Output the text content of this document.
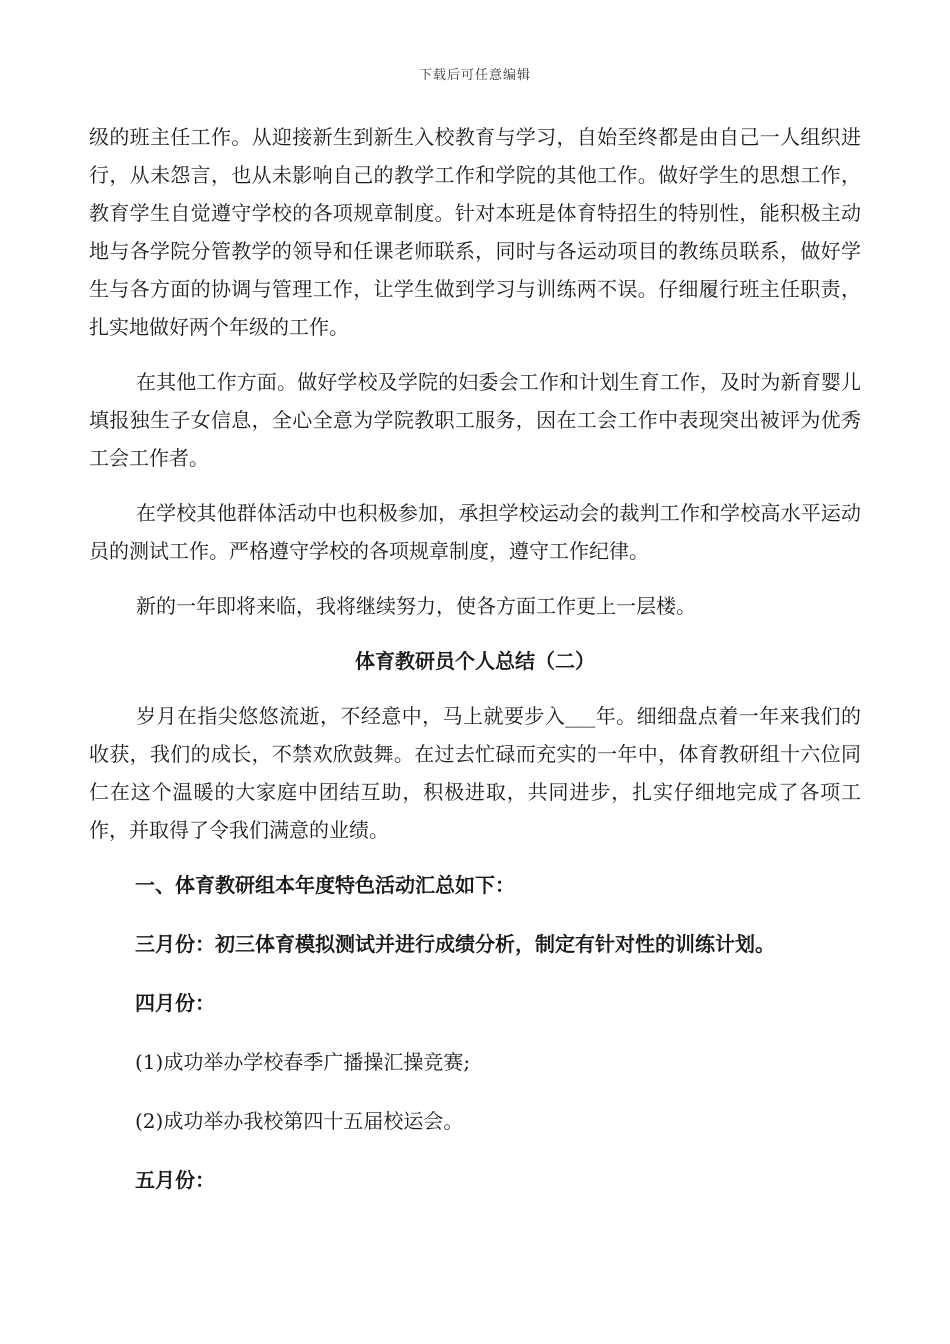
下载后可任意编辑

级的班主任工作。从迎接新生到新生入校教育与学习，自始至终都是由自己一人组织进行，从未怨言，也从未影响自己的教学工作和学院的其他工作。做好学生的思想工作，教育学生自觉遵守学校的各项规章制度。针对本班是体育特招生的特别性，能积极主动地与各学院分管教学的领导和任课老师联系，同时与各运动项目的教练员联系，做好学生与各方面的协调与管理工作，让学生做到学习与训练两不误。仔细履行班主任职责，扎实地做好两个年级的工作。

在其他工作方面。做好学校及学院的妇委会工作和计划生育工作，及时为新育婴儿填报独生子女信息，全心全意为学院教职工服务，因在工会工作中表现突出被评为优秀工会工作者。

在学校其他群体活动中也积极参加，承担学校运动会的裁判工作和学校高水平运动员的测试工作。严格遵守学校的各项规章制度，遵守工作纪律。

新的一年即将来临，我将继续努力，使各方面工作更上一层楼。

体育教研员个人总结（二）

岁月在指尖悠悠流逝，不经意中，马上就要步入___年。细细盘点着一年来我们的收获，我们的成长，不禁欢欣鼓舞。在过去忙碌而充实的一年中，体育教研组十六位同仁在这个温暖的大家庭中团结互助，积极进取，共同进步，扎实仔细地完成了各项工作，并取得了令我们满意的业绩。

一、体育教研组本年度特色活动汇总如下：

三月份：初三体育模拟测试并进行成绩分析，制定有针对性的训练计划。

四月份：

(1)成功举办学校春季广播操汇操竞赛;

(2)成功举办我校第四十五届校运会。

五月份：
